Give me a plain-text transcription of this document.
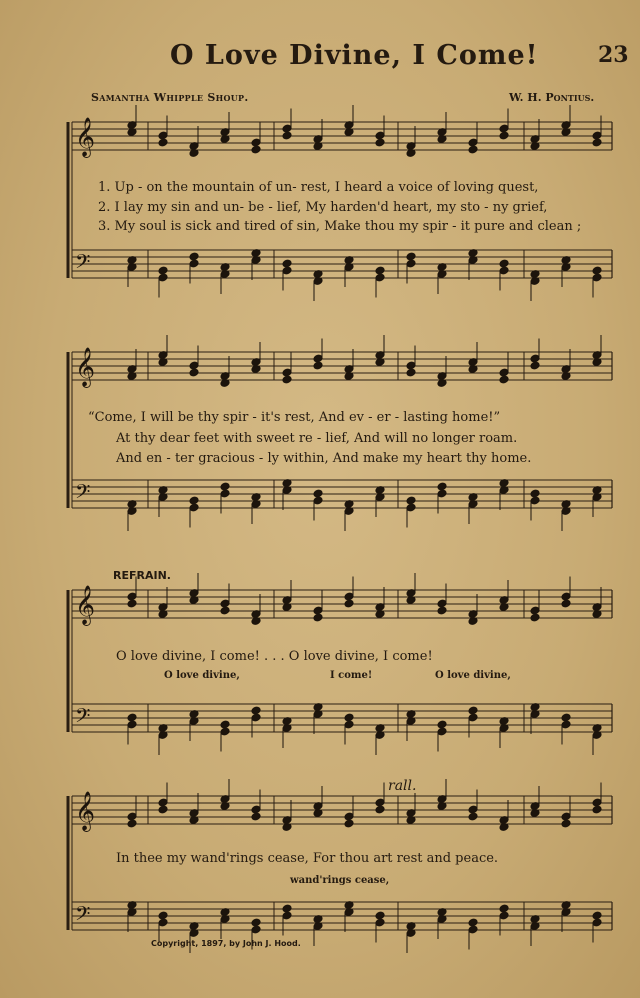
𝄞
𝄢
𝄞
𝄢
𝄞
𝄢
𝄞
𝄢
O Love Divine, I Come!	23
Samantha Whipple Shoup.	W. H. Pontius.
1. Up - on the mountain of un- rest, I heard a voice of loving quest,
2. I lay my sin and un- be - lief, My harden'd heart, my sto - ny grief,
3. My soul is sick and tired of sin, Make thou my spir - it pure and clean ;
“Come, I will be thy spir - it's rest, And ev - er - lasting home!”
At thy dear feet with sweet re - lief, And will no longer roam.
And en - ter gracious - ly within, And make my heart thy home.
REFRAIN.
O love divine, I come! . . . O love divine, I come!
O love divine,	I come!	O love divine,
rall.
In thee my wand'rings cease, For thou art rest and peace.
wand'rings cease,
Copyright, 1897, by John J. Hood.
